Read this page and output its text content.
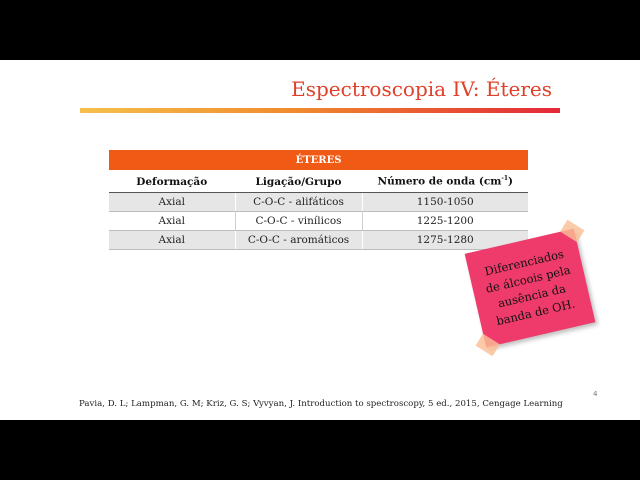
Espectroscopia IV: Éteres
ÉTERES		
Deformação	Ligação/Grupo	Número de onda $(cm^{-1})$
Axial	C-O-C - alifáticos	1150-1050
Axial	C-O-C - vinílicos	1225-1200
Axial	C-O-C - aromáticos	1275-1280
Diferenciados
de álcoois pela
ausência da
banda de OH.
4
Pavia, D. L; Lampman, G. M; Kriz, G. S; Vyvyan, J. Introduction to spectroscopy, 5 ed., 2015, Cengage Learning
